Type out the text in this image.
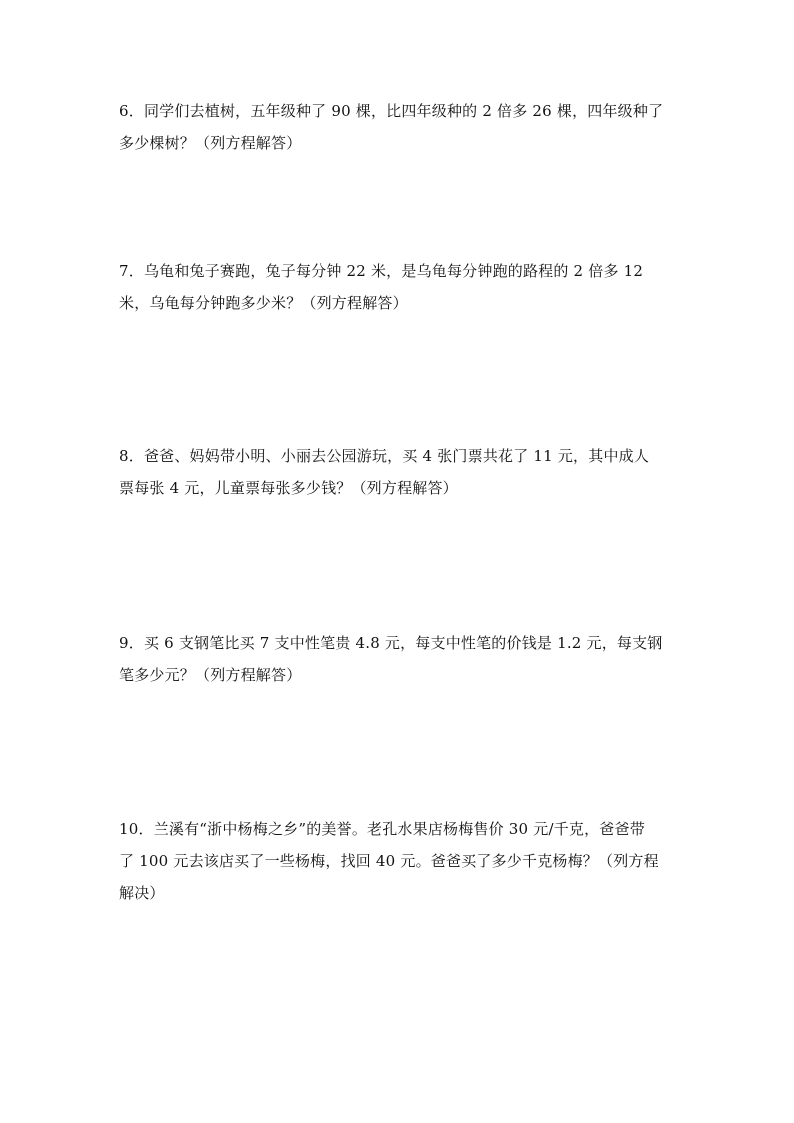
6．同学们去植树，五年级种了 90 棵，比四年级种的 2 倍多 26 棵，四年级种了
多少棵树？（列方程解答）
7．乌龟和兔子赛跑，兔子每分钟 22 米，是乌龟每分钟跑的路程的 2 倍多 12
米，乌龟每分钟跑多少米？（列方程解答）
8．爸爸、妈妈带小明、小丽去公园游玩，买 4 张门票共花了 11 元，其中成人
票每张 4 元，儿童票每张多少钱？（列方程解答）
9．买 6 支钢笔比买 7 支中性笔贵 4.8 元，每支中性笔的价钱是 1.2 元，每支钢
笔多少元？（列方程解答）
10．兰溪有“浙中杨梅之乡”的美誉。老孔水果店杨梅售价 30 元/千克，爸爸带
了 100 元去该店买了一些杨梅，找回 40 元。爸爸买了多少千克杨梅？（列方程
解决）
